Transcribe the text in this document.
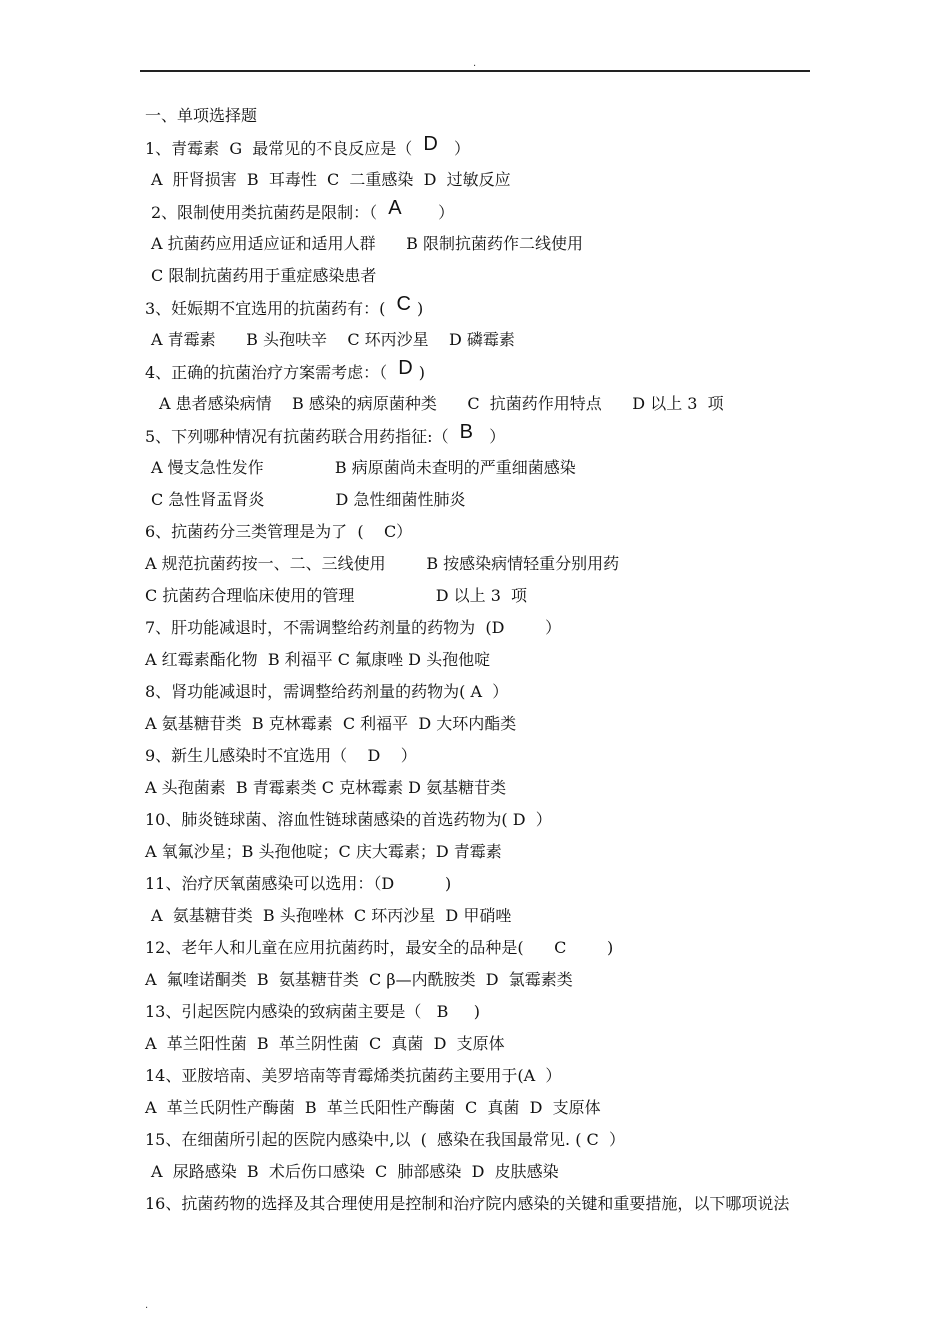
.
一、单项选择题
1、青霉素  G  最常见的不良反应是（ D  ）
A  肝肾损害  B  耳毒性  C  二重感染  D  过敏反应
2、限制使用类抗菌药是限制：（ A      ）
A 抗菌药应用适应证和适用人群      B 限制抗菌药作二线使用
C 限制抗菌药用于重症感染患者
3、妊娠期不宜选用的抗菌药有：( C )
A 青霉素      B 头孢呋辛    C 环丙沙星    D 磷霉素
4、正确的抗菌治疗方案需考虑：（ D )
A 患者感染病情    B 感染的病原菌种类      C  抗菌药作用特点      D 以上 3  项
5、下列哪种情况有抗菌药联合用药指征:（ B  ）
A 慢支急性发作              B 病原菌尚未查明的严重细菌感染
C 急性肾盂肾炎              D 急性细菌性肺炎
6、抗菌药分三类管理是为了  (    C）
A 规范抗菌药按一、二、三线使用        B 按感染病情轻重分别用药
C 抗菌药合理临床使用的管理                D 以上 3  项
7、肝功能减退时，不需调整给药剂量的药物为  (D        ）
A 红霉素酯化物  B 利福平 C 氟康唑 D 头孢他啶
8、肾功能减退时，需调整给药剂量的药物为( A  ）
A 氨基糖苷类  B 克林霉素  C 利福平  D 大环内酯类
9、新生儿感染时不宜选用（    D    ）
A 头孢菌素  B 青霉素类 C 克林霉素 D 氨基糖苷类
10、肺炎链球菌、溶血性链球菌感染的首选药物为( D  ）
A 氧氟沙星；B 头孢他啶；C 庆大霉素；D 青霉素
11、治疗厌氧菌感染可以选用：（D          )
A  氨基糖苷类  B 头孢唑林  C 环丙沙星  D 甲硝唑
12、老年人和儿童在应用抗菌药时，最安全的品种是(      C        )
A  氟喹诺酮类  B  氨基糖苷类  C β—内酰胺类  D  氯霉素类
13、引起医院内感染的致病菌主要是（   B     )
A  革兰阳性菌  B  革兰阴性菌  C  真菌  D  支原体
14、亚胺培南、美罗培南等青霉烯类抗菌药主要用于(A  ）
A  革兰氏阴性产酶菌  B  革兰氏阳性产酶菌  C  真菌  D  支原体
15、在细菌所引起的医院内感染中,以  (  感染在我国最常见. ( C  ）
A  尿路感染  B  术后伤口感染  C  肺部感染  D  皮肤感染
16、抗菌药物的选择及其合理使用是控制和治疗院内感染的关键和重要措施，以下哪项说法
.
